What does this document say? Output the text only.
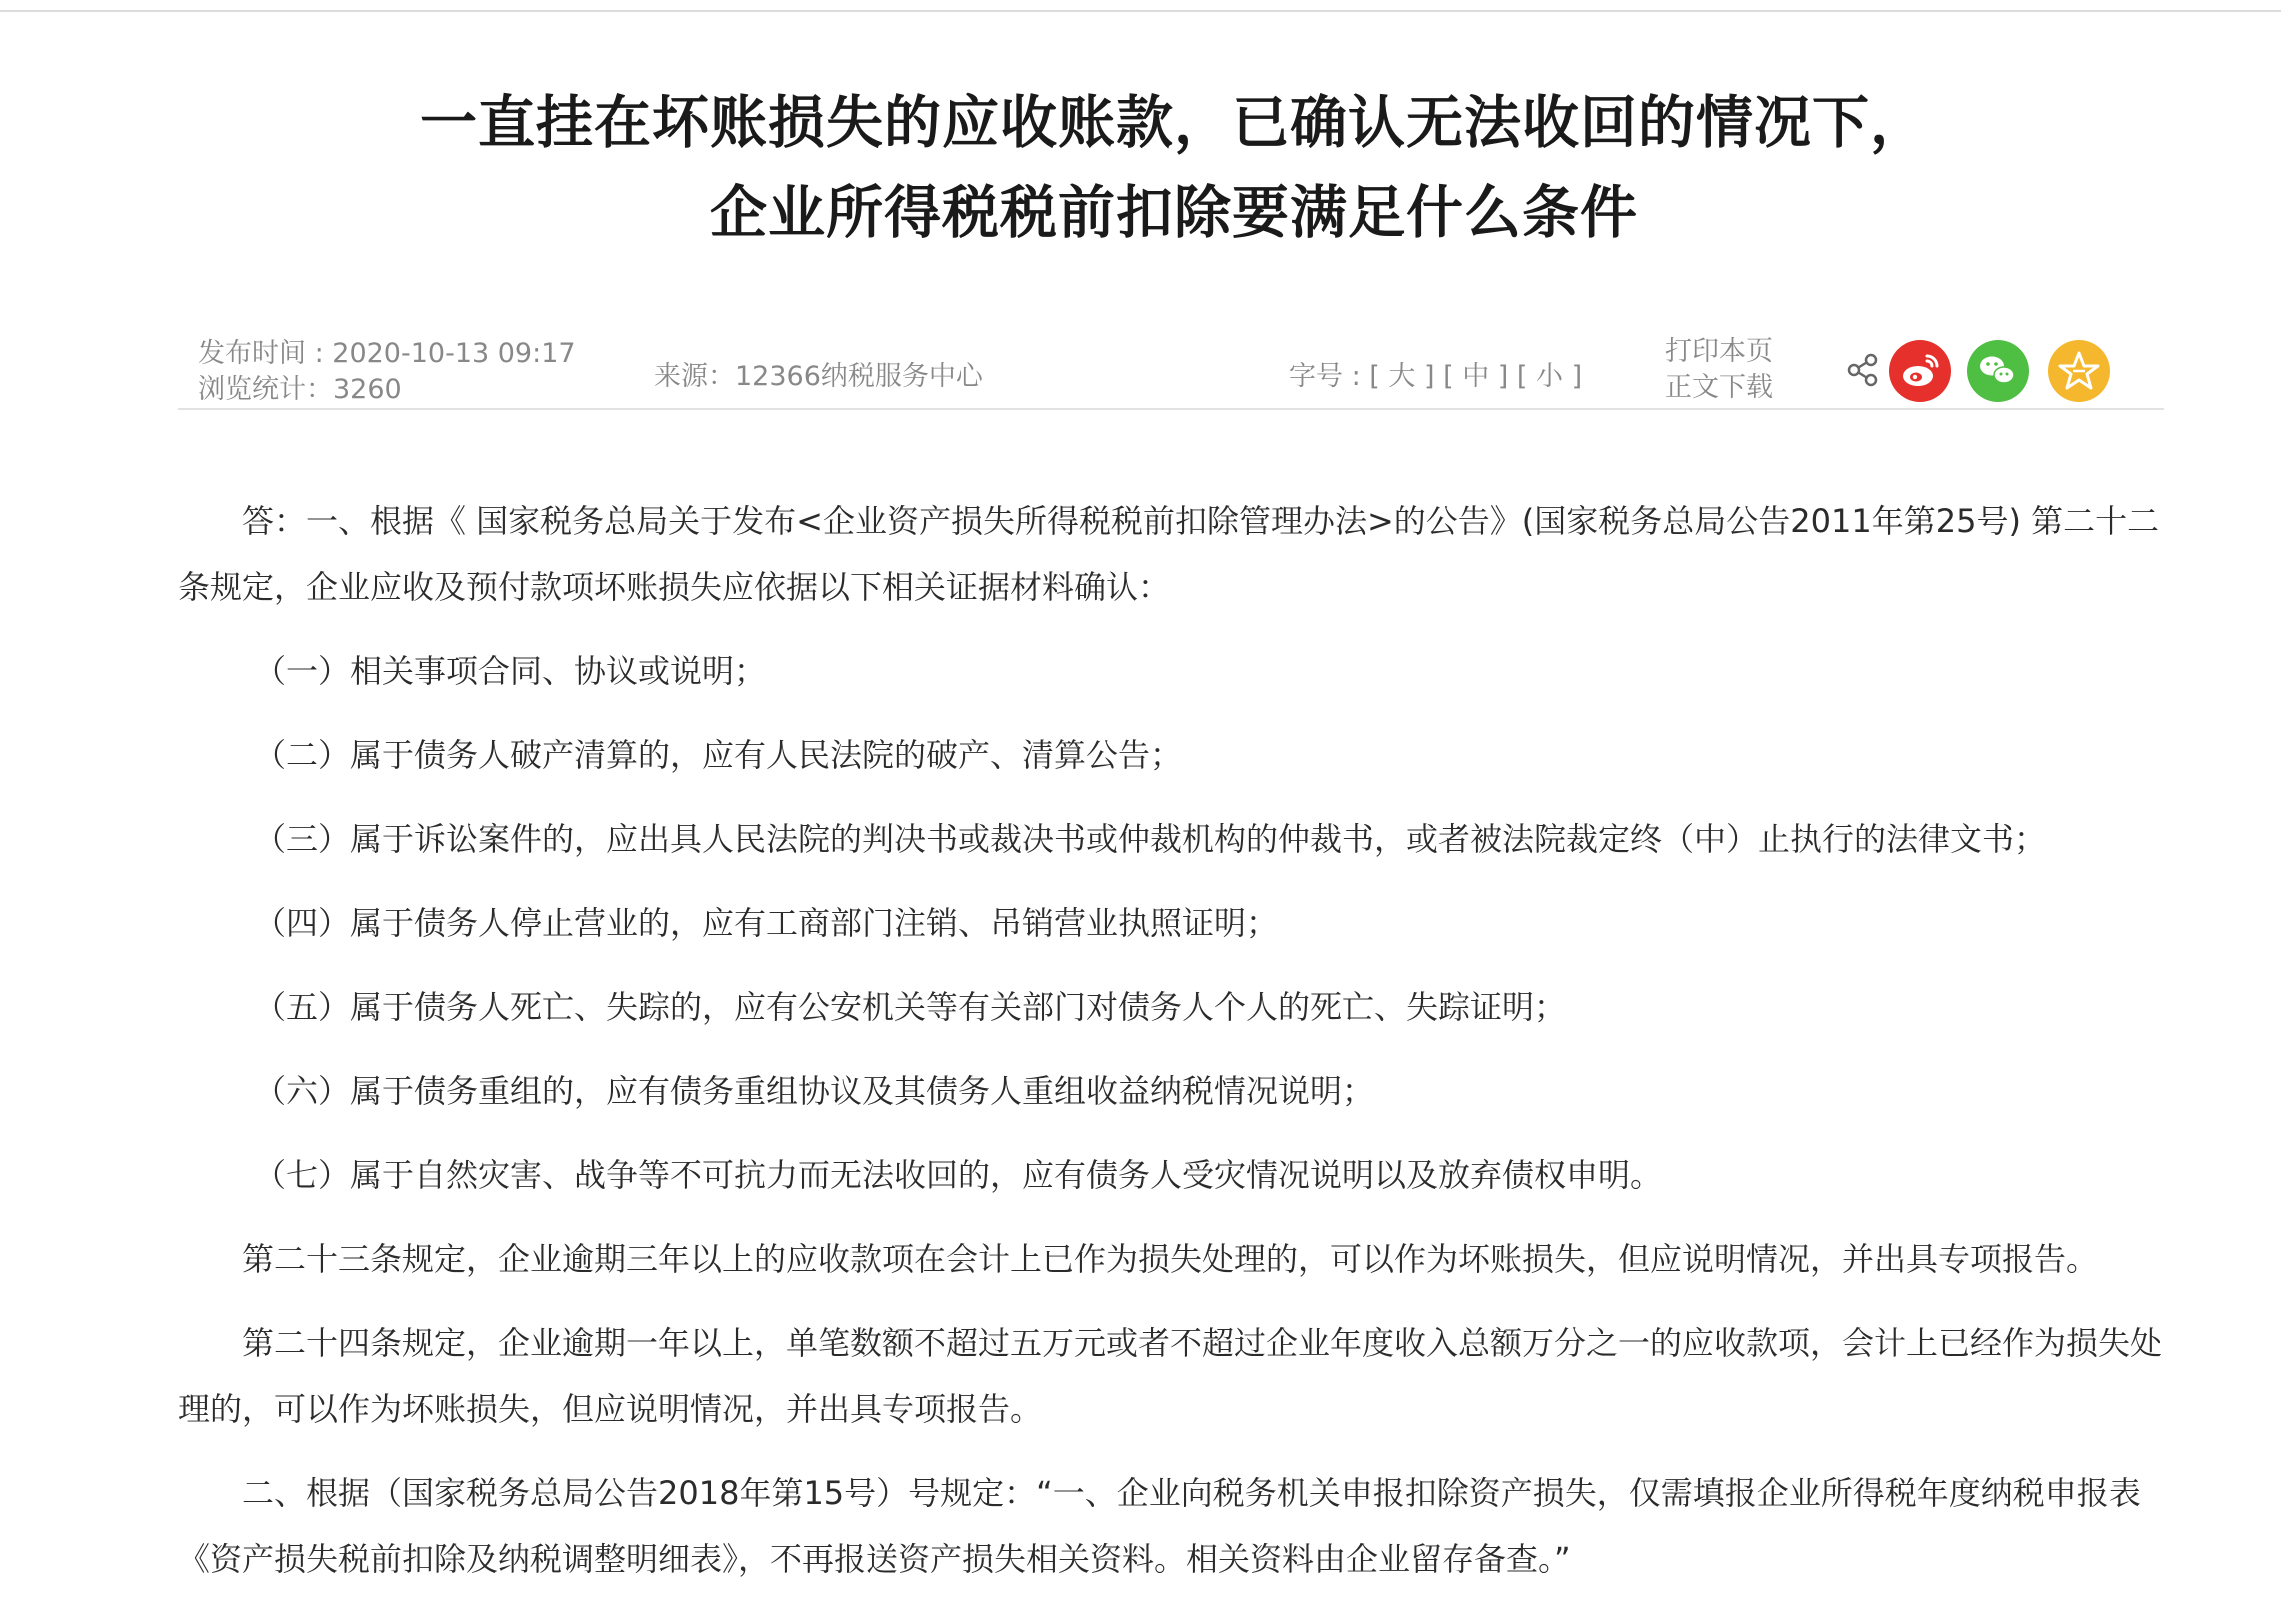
一直挂在坏账损失的应收账款，已确认无法收回的情况下，
企业所得税税前扣除要满足什么条件
发布时间 : 2020-10-13 09:17
浏览统计：3260	来源：12366纳税服务中心	字号 : [ 大 ] [ 中 ] [ 小 ]
打印本页
正文下载

答：一、根据《 国家税务总局关于发布<企业资产损失所得税税前扣除管理办法>的公告》(国家税务总局公告2011年第25号) 第二十二条规定，企业应收及预付款项坏账损失应依据以下相关证据材料确认：

（一）相关事项合同、协议或说明；

（二）属于债务人破产清算的，应有人民法院的破产、清算公告；

（三）属于诉讼案件的，应出具人民法院的判决书或裁决书或仲裁机构的仲裁书，或者被法院裁定终（中）止执行的法律文书；

（四）属于债务人停止营业的，应有工商部门注销、吊销营业执照证明；

（五）属于债务人死亡、失踪的，应有公安机关等有关部门对债务人个人的死亡、失踪证明；

（六）属于债务重组的，应有债务重组协议及其债务人重组收益纳税情况说明；

（七）属于自然灾害、战争等不可抗力而无法收回的，应有债务人受灾情况说明以及放弃债权申明。

第二十三条规定，企业逾期三年以上的应收款项在会计上已作为损失处理的，可以作为坏账损失，但应说明情况，并出具专项报告。

第二十四条规定，企业逾期一年以上，单笔数额不超过五万元或者不超过企业年度收入总额万分之一的应收款项，会计上已经作为损失处理的，可以作为坏账损失，但应说明情况，并出具专项报告。

二、根据（国家税务总局公告2018年第15号）号规定：“一、企业向税务机关申报扣除资产损失，仅需填报企业所得税年度纳税申报表《资产损失税前扣除及纳税调整明细表》，不再报送资产损失相关资料。相关资料由企业留存备查。”
